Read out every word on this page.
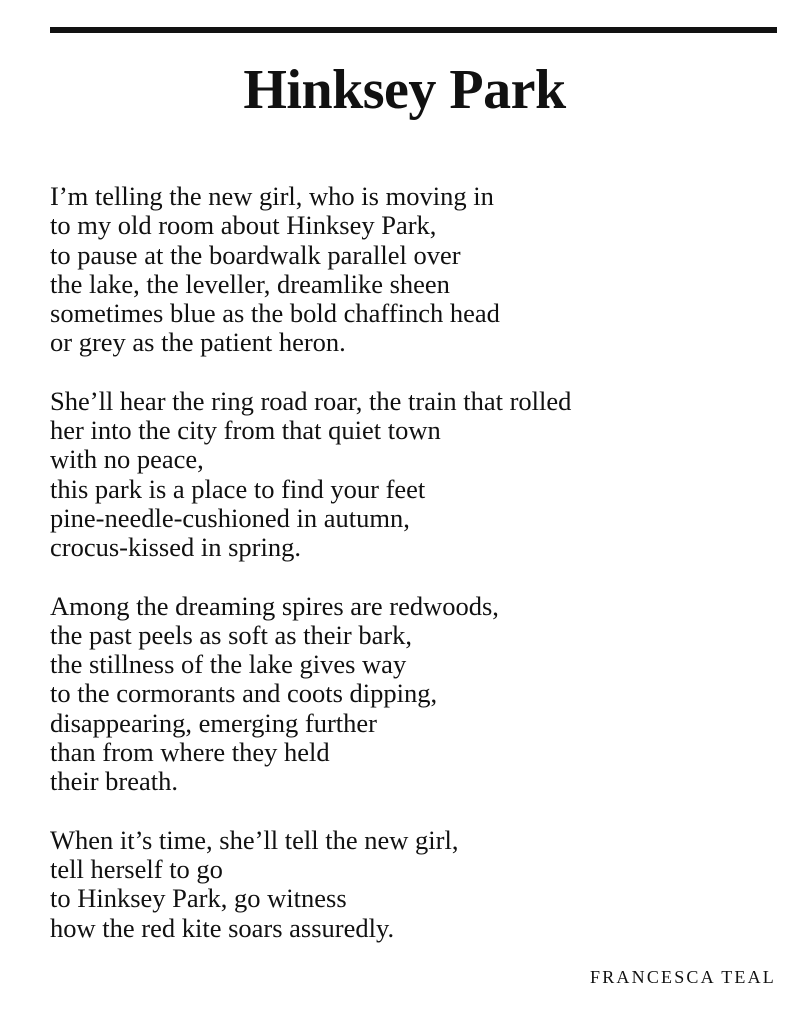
Hinksey Park

I’m telling the new girl, who is moving in
to my old room about Hinksey Park,
to pause at the boardwalk parallel over
the lake, the leveller, dreamlike sheen
sometimes blue as the bold chaffinch head
or grey as the patient heron.

She’ll hear the ring road roar, the train that rolled
her into the city from that quiet town
with no peace,
this park is a place to find your feet
pine-needle-cushioned in autumn,
crocus-kissed in spring.

Among the dreaming spires are redwoods,
the past peels as soft as their bark,
the stillness of the lake gives way
to the cormorants and coots dipping,
disappearing, emerging further
than from where they held
their breath.

When it’s time, she’ll tell the new girl,
tell herself to go
to Hinksey Park, go witness
how the red kite soars assuredly.

FRANCESCA TEAL
